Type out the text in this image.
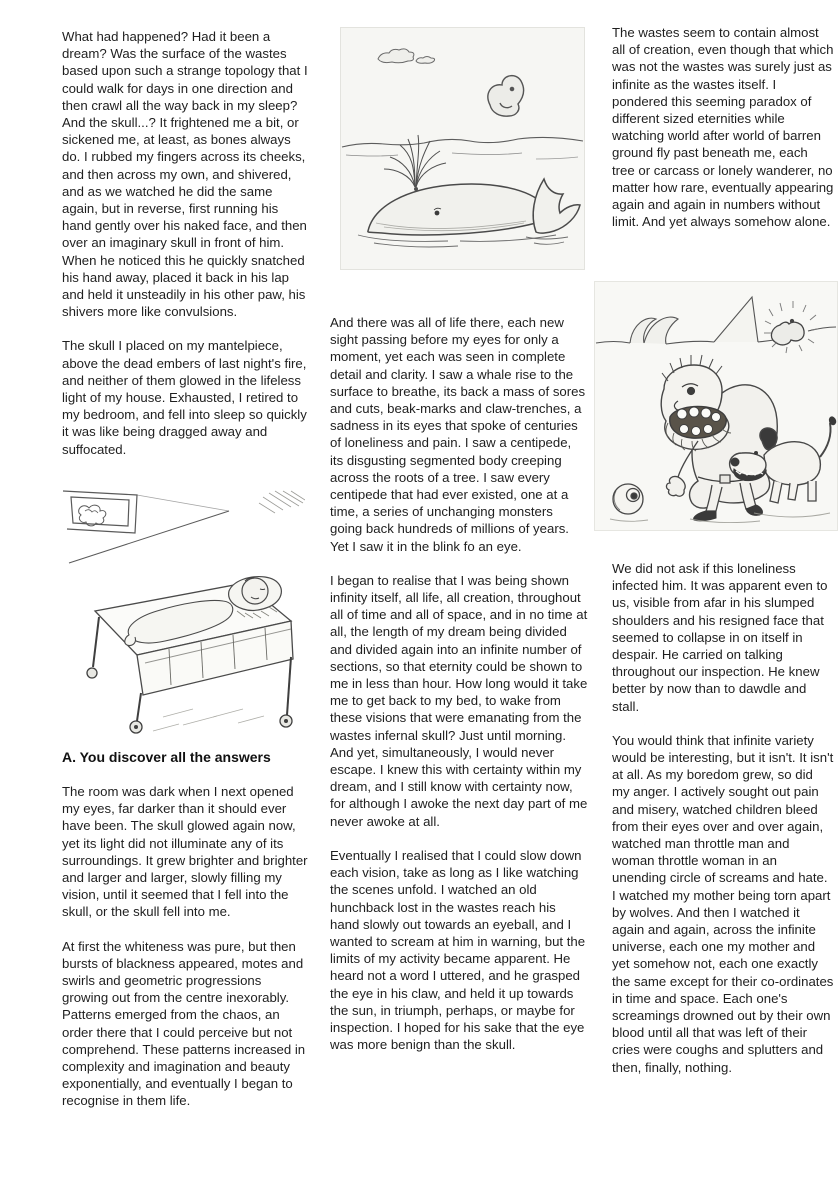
What had happened? Had it been a dream? Was the surface of the wastes based upon such a strange topology that I could walk for days in one direction and then crawl all the way back in my sleep? And the skull...? It frightened me a bit, or sickened me, at least, as bones always do. I rubbed my fingers across its cheeks, and then across my own, and shivered, and as we watched he did the same again, but in reverse, first running his hand gently over his naked face, and then over an imaginary skull in front of him. When he noticed this he quickly snatched his hand away, placed it back in his lap and held it unsteadily in his other paw, his shivers more like convulsions.

The skull I placed on my mantelpiece, above the dead embers of last night's fire, and neither of them glowed in the lifeless light of my house. Exhausted, I retired to my bedroom, and fell into sleep so quickly it was like being dragged away and suffocated.

A. You discover all the answers

The room was dark when I next opened my eyes, far darker than it should ever have been. The skull glowed again now, yet its light did not illuminate any of its surroundings. It grew brighter and brighter and larger and larger, slowly filling my vision, until it seemed that I fell into the skull, or the skull fell into me.

At first the whiteness was pure, but then bursts of blackness appeared, motes and swirls and geometric progressions growing out from the centre inexorably. Patterns emerged from the chaos, an order there that I could perceive but not comprehend. These patterns increased in complexity and imagination and beauty exponentially, and eventually I began to recognise in them life.

And there was all of life there, each new sight passing before my eyes for only a moment, yet each was seen in complete detail and clarity. I saw a whale rise to the surface to breathe, its back a mass of sores and cuts, beak-marks and claw-trenches, a sadness in its eyes that spoke of centuries of loneliness and pain. I saw a centipede, its disgusting segmented body creeping across the roots of a tree. I saw every centipede that had ever existed, one at a time, a series of unchanging monsters going back hundreds of millions of years. Yet I saw it in the blink fo an eye.

I began to realise that I was being shown infinity itself, all life, all creation, throughout all of time and all of space, and in no time at all, the length of my dream being divided and divided again into an infinite number of sections, so that eternity could be shown to me in less than hour. How long would it take me to get back to my bed, to wake from these visions that were emanating from the wastes infernal skull? Just until morning. And yet, simultaneously, I would never escape. I knew this with certainty within my dream, and I still know with certainty now, for although I awoke the next day part of me never awoke at all.

Eventually I realised that I could slow down each vision, take as long as I like watching the scenes unfold. I watched an old hunchback lost in the wastes reach his hand slowly out towards an eyeball, and I wanted to scream at him in warning, but the limits of my activity became apparent. He heard not a word I uttered, and he grasped the eye in his claw, and held it up towards the sun, in triumph, perhaps, or maybe for inspection. I hoped for his sake that the eye was more benign than the skull.

The wastes seem to contain almost all of creation, even though that which was not the wastes was surely just as infinite as the wastes itself. I pondered this seeming paradox of different sized eternities while watching world after world of barren ground fly past beneath me, each tree or carcass or lonely wanderer, no matter how rare, eventually appearing again and again in numbers without limit. And yet always somehow alone.

We did not ask if this loneliness infected him. It was apparent even to us, visible from afar in his slumped shoulders and his resigned face that seemed to collapse in on itself in despair. He carried on talking throughout our inspection. He knew better by now than to dawdle and stall.

You would think that infinite variety would be interesting, but it isn't. It isn't at all. As my boredom grew, so did my anger. I actively sought out pain and misery, watched children bleed from their eyes over and over again, watched man throttle man and woman throttle woman in an unending circle of screams and hate. I watched my mother being torn apart by wolves. And then I watched it again and again, across the infinite universe, each one my mother and yet somehow not, each one exactly the same except for their co-ordinates in time and space. Each one's screamings drowned out by their own blood until all that was left of their cries were coughs and splutters and then, finally, nothing.
